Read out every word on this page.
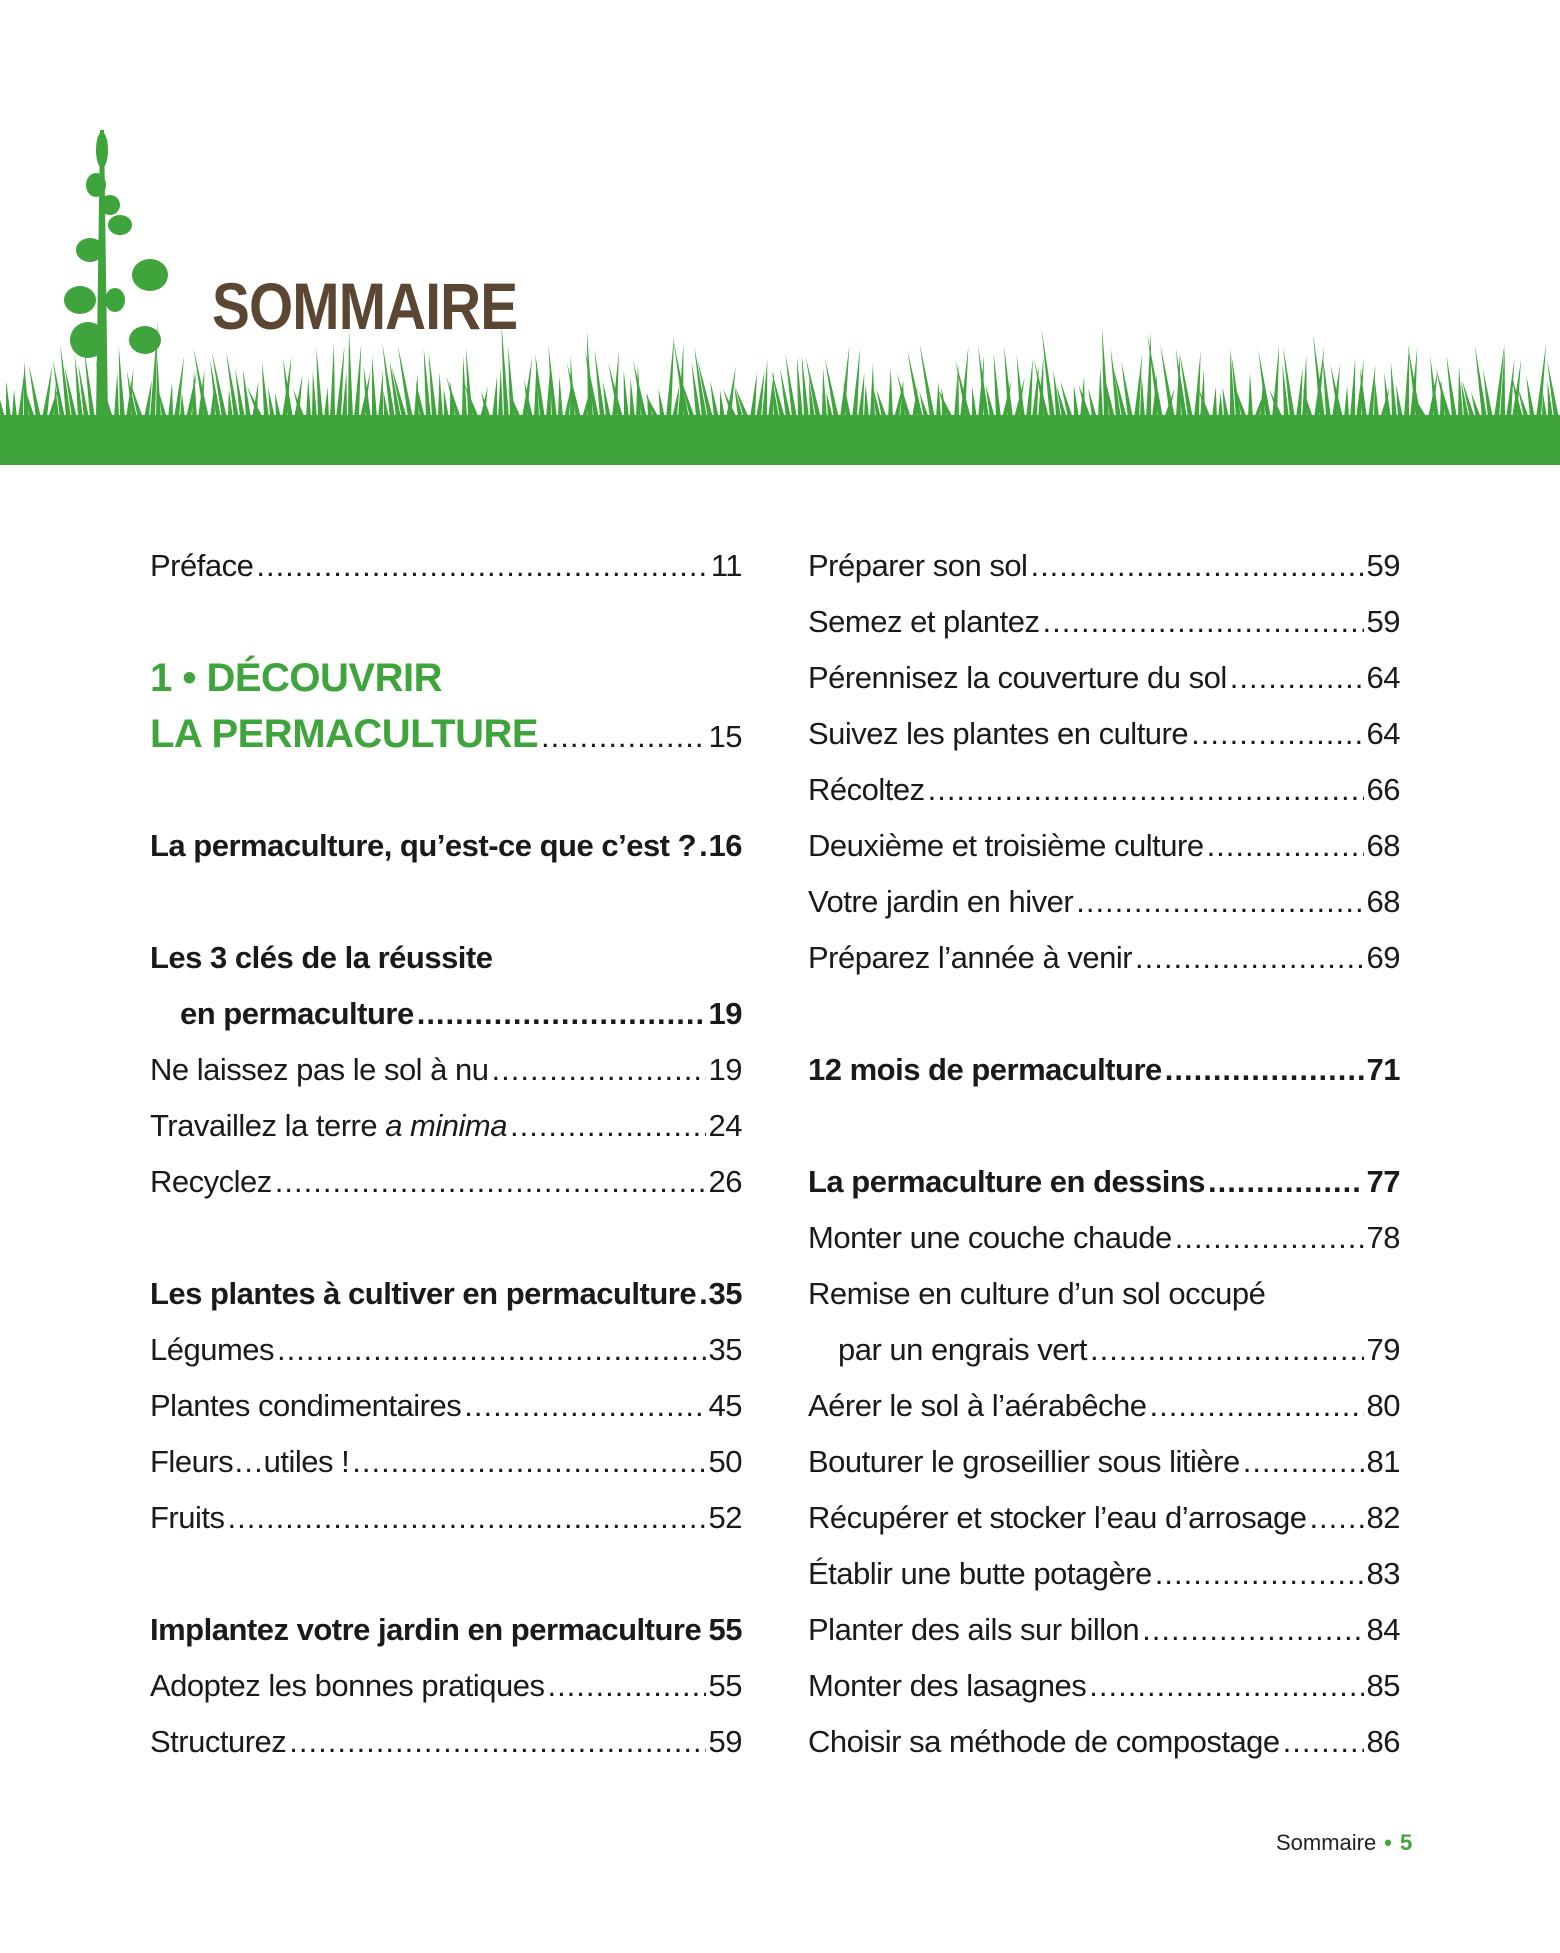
SOMMAIRE
Préface .....	11
1 • DÉCOUVRIR
LA PERMACULTURE .....	15
La permaculture, qu’est-ce que c’est ? ..... 16
Les 3 clés de la réussite
en permaculture .....	19
Ne laissez pas le sol à nu .....	19
Travaillez la terre a minima .....	24
Recyclez .....	26
Les plantes à cultiver en permaculture ..... 35
Légumes .....	35
Plantes condimentaires .....	45
Fleurs…utiles ! .....	50
Fruits .....	52
Implantez votre jardin en permaculture ..... 55
Adoptez les bonnes pratiques .....	55
Structurez .....	59
Préparer son sol .....	59
Semez et plantez .....	59
Pérennisez la couverture du sol .....	64
Suivez les plantes en culture .....	64
Récoltez .....	66
Deuxième et troisième culture .....	68
Votre jardin en hiver .....	68
Préparez l’année à venir .....	69
12 mois de permaculture .....	71
La permaculture en dessins .....	77
Monter une couche chaude .....	78
Remise en culture d’un sol occupé
par un engrais vert .....	79
Aérer le sol à l’aérabêche .....	80
Bouturer le groseillier sous litière .....	81
Récupérer et stocker l’eau d’arrosage ..... 82
Établir une butte potagère .....	83
Planter des ails sur billon .....	84
Monter des lasagnes .....	85
Choisir sa méthode de compostage .....	86
Sommaire • 5
